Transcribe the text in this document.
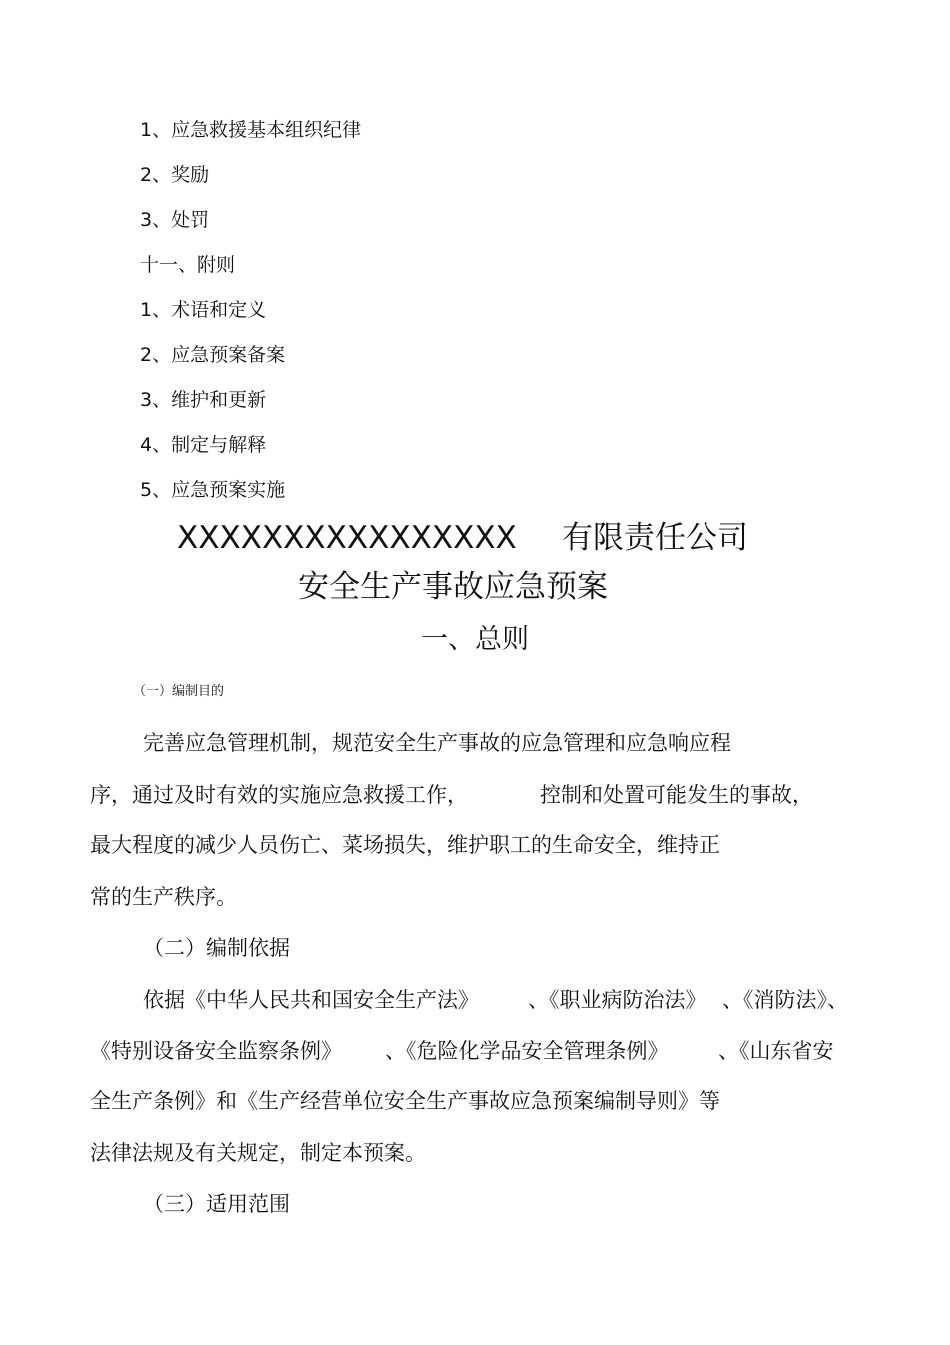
1、应急救援基本组织纪律
2、奖励
3、处罚
十一、附则
1、术语和定义
2、应急预案备案
3、维护和更新
4、制定与解释
5、应急预案实施
XXXXXXXXXXXXXXXX 有限责任公司
安全生产事故应急预案
一、总则
（一）编制目的
完善应急管理机制，规范安全生产事故的应急管理和应急响应程
序，通过及时有效的实施应急救援工作，	控制和处置可能发生的事故，
最大程度的减少人员伤亡、菜场损失，维护职工的生命安全，维持正
常的生产秩序。
（二）编制依据
依据《中华人民共和国安全生产法》 、《职业病防治法》 、《消防法》、
《特别设备安全监察条例》 、《危险化学品安全管理条例》 、《山东省安
全生产条例》和《生产经营单位安全生产事故应急预案编制导则》等
法律法规及有关规定，制定本预案。
（三）适用范围
